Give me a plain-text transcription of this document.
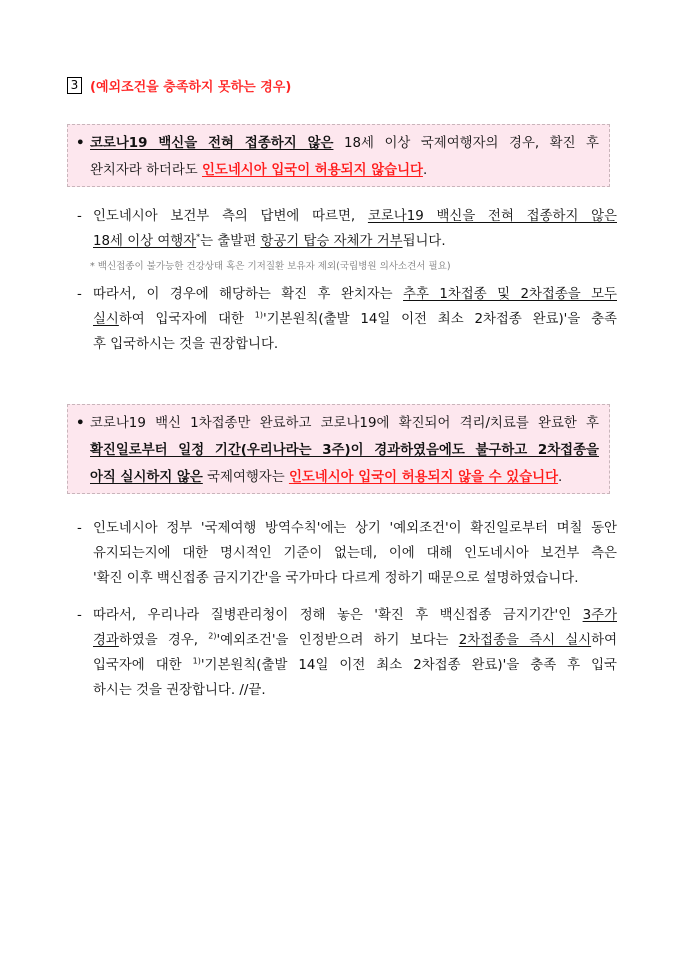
3 (예외조건을 충족하지 못하는 경우)
• 코로나19 백신을 전혀 접종하지 않은 18세 이상 국제여행자의 경우, 확진 후
완치자라 하더라도 인도네시아 입국이 허용되지 않습니다.
- 인도네시아 보건부 측의 답변에 따르면, 코로나19 백신을 전혀 접종하지 않은
18세 이상 여행자*는 출발편 항공기 탑승 자체가 거부됩니다.
* 백신접종이 불가능한 건강상태 혹은 기저질환 보유자 제외(국립병원 의사소견서 필요)
- 따라서, 이 경우에 해당하는 확진 후 완치자는 추후 1차접종 및 2차접종을 모두
실시하여 입국자에 대한 $^{1)}$'기본원칙(출발 14일 이전 최소 2차접종 완료)'을 충족
후 입국하시는 것을 권장합니다.
• 코로나19 백신 1차접종만 완료하고 코로나19에 확진되어 격리/치료를 완료한 후
확진일로부터 일정 기간(우리나라는 3주)이 경과하였음에도 불구하고 2차접종을
아직 실시하지 않은 국제여행자는 인도네시아 입국이 허용되지 않을 수 있습니다.
- 인도네시아 정부 '국제여행 방역수칙'에는 상기 '예외조건'이 확진일로부터 며칠 동안
유지되는지에 대한 명시적인 기준이 없는데, 이에 대해 인도네시아 보건부 측은
'확진 이후 백신접종 금지기간'을 국가마다 다르게 정하기 때문으로 설명하였습니다.
- 따라서, 우리나라 질병관리청이 정해 놓은 '확진 후 백신접종 금지기간'인 3주가
경과하였을 경우, $^{2)}$'예외조건'을 인정받으려 하기 보다는 2차접종을 즉시 실시하여
입국자에 대한 $^{1)}$'기본원칙(출발 14일 이전 최소 2차접종 완료)'을 충족 후 입국
하시는 것을 권장합니다. //끝.
